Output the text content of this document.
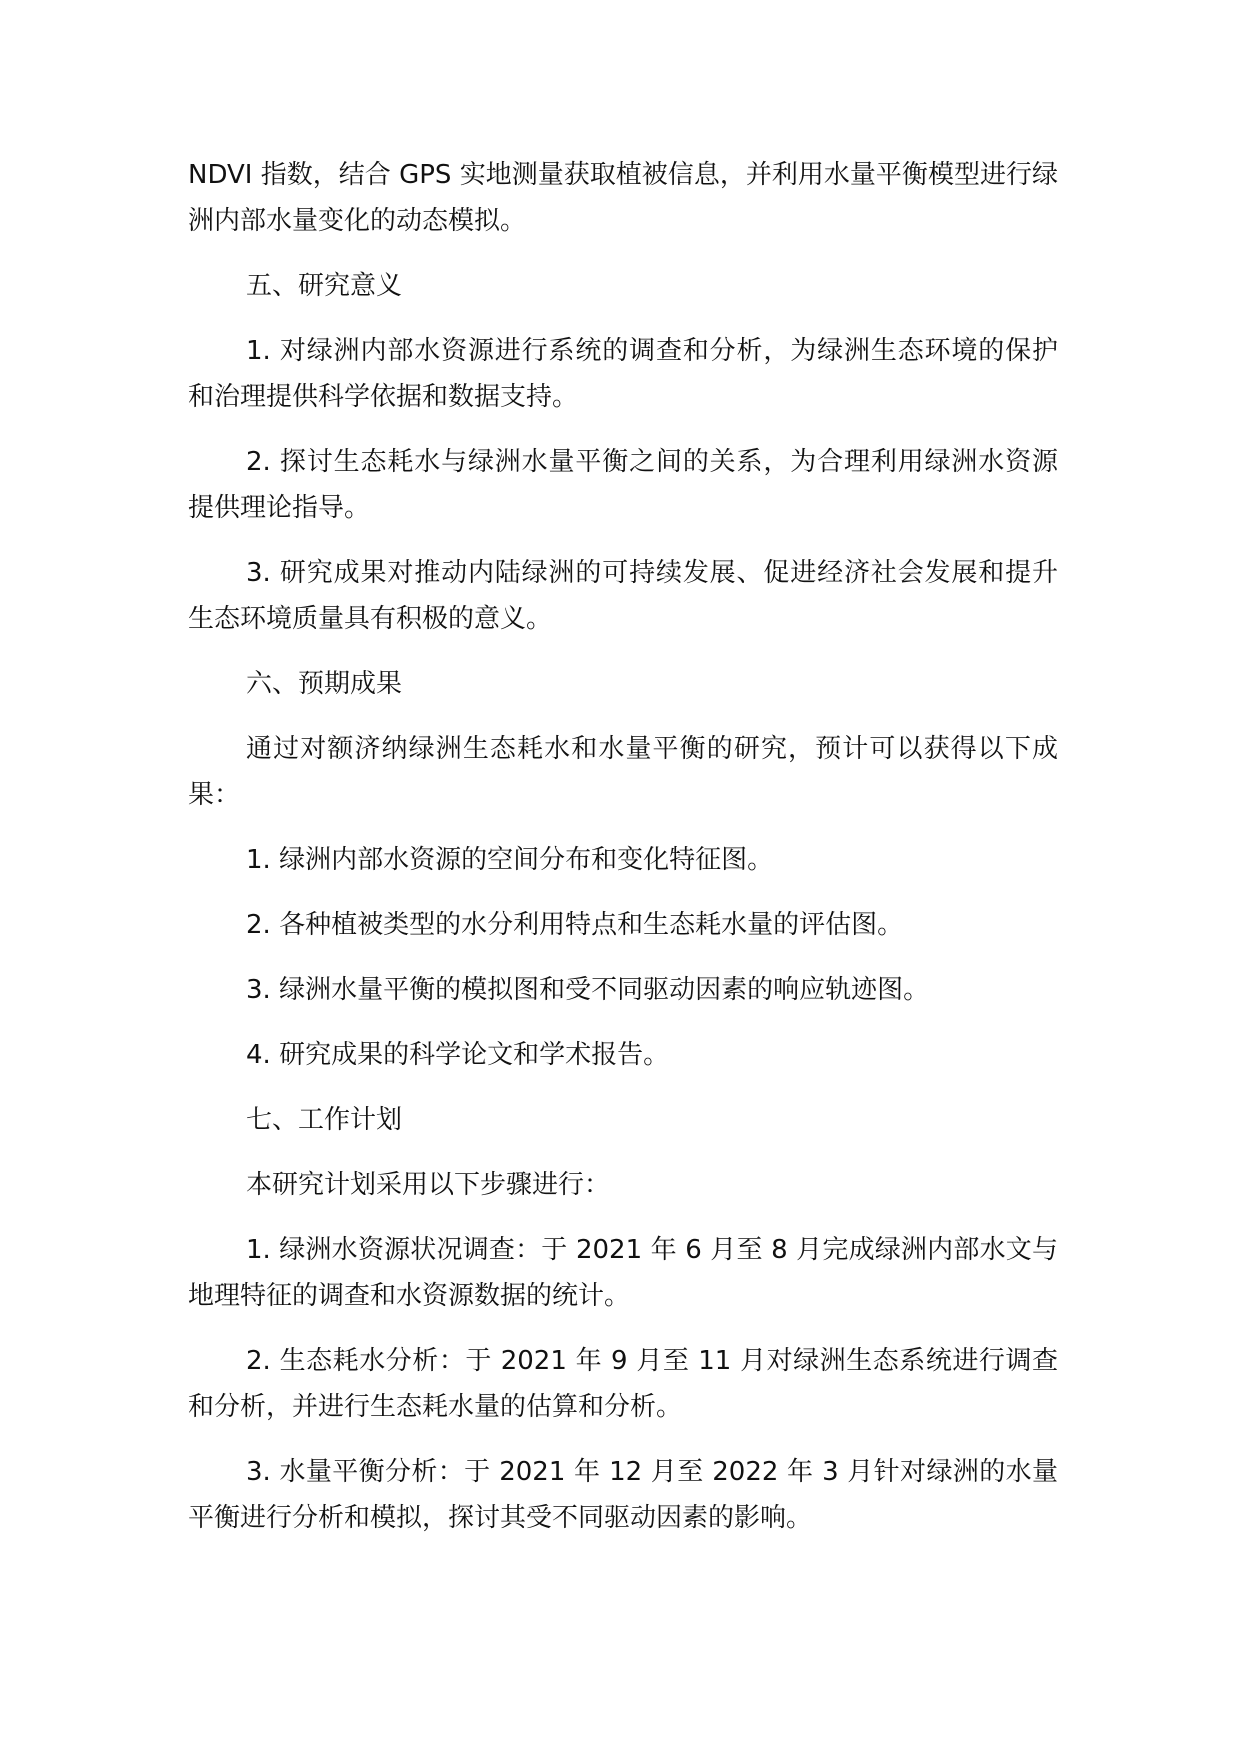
NDVI 指数，结合 GPS 实地测量获取植被信息，并利用水量平衡模型进行绿洲内部水量变化的动态模拟。

五、研究意义

1. 对绿洲内部水资源进行系统的调查和分析，为绿洲生态环境的保护和治理提供科学依据和数据支持。

2. 探讨生态耗水与绿洲水量平衡之间的关系，为合理利用绿洲水资源提供理论指导。

3. 研究成果对推动内陆绿洲的可持续发展、促进经济社会发展和提升生态环境质量具有积极的意义。

六、预期成果

通过对额济纳绿洲生态耗水和水量平衡的研究，预计可以获得以下成果：

1. 绿洲内部水资源的空间分布和变化特征图。

2. 各种植被类型的水分利用特点和生态耗水量的评估图。

3. 绿洲水量平衡的模拟图和受不同驱动因素的响应轨迹图。

4. 研究成果的科学论文和学术报告。

七、工作计划

本研究计划采用以下步骤进行：

1. 绿洲水资源状况调查：于 2021 年 6 月至 8 月完成绿洲内部水文与地理特征的调查和水资源数据的统计。

2. 生态耗水分析：于 2021 年 9 月至 11 月对绿洲生态系统进行调查和分析，并进行生态耗水量的估算和分析。

3. 水量平衡分析：于 2021 年 12 月至 2022 年 3 月针对绿洲的水量平衡进行分析和模拟，探讨其受不同驱动因素的影响。
